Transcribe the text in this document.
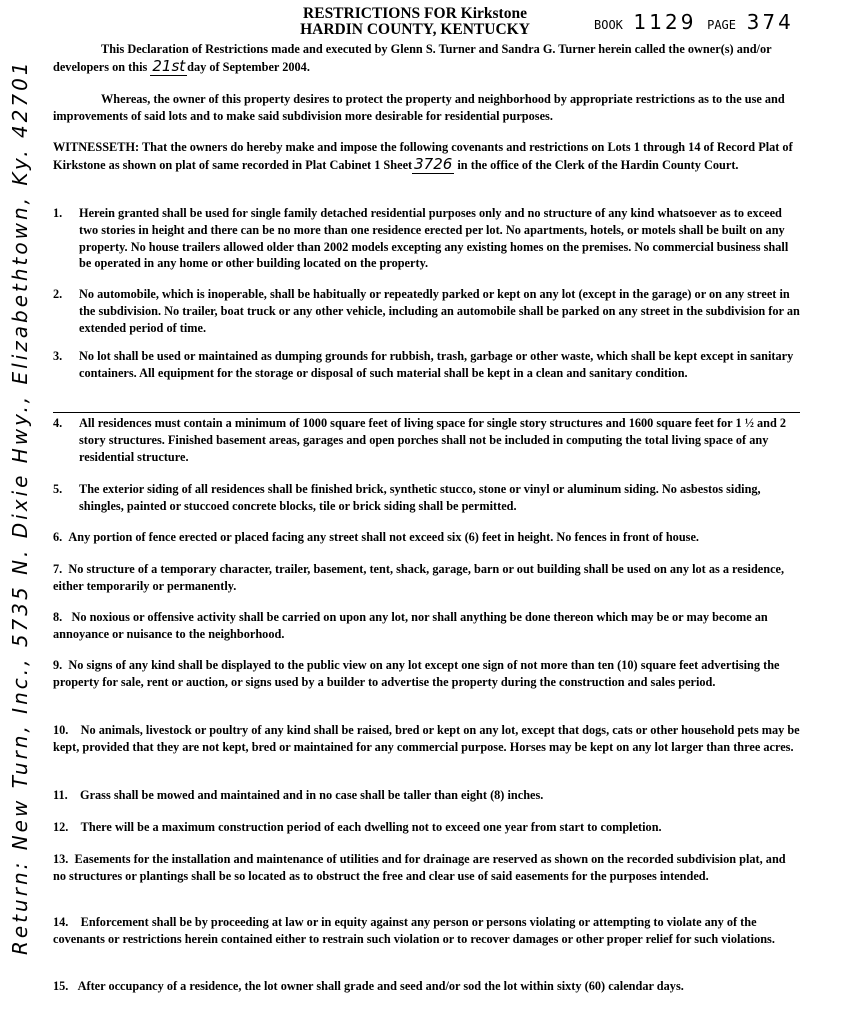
RESTRICTIONS FOR Kirkstone
HARDIN COUNTY, KENTUCKY	BOOK 1129 PAGE 374
Return: New Turn, Inc., 5735 N. Dixie Hwy., Elizabethtown, Ky. 42701
This Declaration of Restrictions made and executed by Glenn S. Turner and Sandra G. Turner herein called the owner(s) and/or developers on this 21st day of September 2004.
Whereas, the owner of this property desires to protect the property and neighborhood by appropriate restrictions as to the use and improvements of said lots and to make said subdivision more desirable for residential purposes.
WITNESSETH: That the owners do hereby make and impose the following covenants and restrictions on Lots 1 through 14 of Record Plat of Kirkstone as shown on plat of same recorded in Plat Cabinet 1 Sheet 3726 in the office of the Clerk of the Hardin County Court.
1. Herein granted shall be used for single family detached residential purposes only and no structure of any kind whatsoever as to exceed two stories in height and there can be no more than one residence erected per lot. No apartments, hotels, or motels shall be built on any property. No house trailers allowed older than 2002 models excepting any existing homes on the premises. No commercial business shall be operated in any home or other building located on the property.
2. No automobile, which is inoperable, shall be habitually or repeatedly parked or kept on any lot (except in the garage) or on any street in the subdivision. No trailer, boat truck or any other vehicle, including an automobile shall be parked on any street in the subdivision for an extended period of time.
3. No lot shall be used or maintained as dumping grounds for rubbish, trash, garbage or other waste, which shall be kept except in sanitary containers. All equipment for the storage or disposal of such material shall be kept in a clean and sanitary condition.
4. All residences must contain a minimum of 1000 square feet of living space for single story structures and 1600 square feet for 1 ½ and 2 story structures. Finished basement areas, garages and open porches shall not be included in computing the total living space of any residential structure.
5. The exterior siding of all residences shall be finished brick, synthetic stucco, stone or vinyl or aluminum siding. No asbestos siding, shingles, painted or stuccoed concrete blocks, tile or brick siding shall be permitted.
6. Any portion of fence erected or placed facing any street shall not exceed six (6) feet in height. No fences in front of house.
7. No structure of a temporary character, trailer, basement, tent, shack, garage, barn or out building shall be used on any lot as a residence, either temporarily or permanently.
8. No noxious or offensive activity shall be carried on upon any lot, nor shall anything be done thereon which may be or may become an annoyance or nuisance to the neighborhood.
9. No signs of any kind shall be displayed to the public view on any lot except one sign of not more than ten (10) square feet advertising the property for sale, rent or auction, or signs used by a builder to advertise the property during the construction and sales period.
10. No animals, livestock or poultry of any kind shall be raised, bred or kept on any lot, except that dogs, cats or other household pets may be kept, provided that they are not kept, bred or maintained for any commercial purpose. Horses may be kept on any lot larger than three acres.
11. Grass shall be mowed and maintained and in no case shall be taller than eight (8) inches.
12. There will be a maximum construction period of each dwelling not to exceed one year from start to completion.
13. Easements for the installation and maintenance of utilities and for drainage are reserved as shown on the recorded subdivision plat, and no structures or plantings shall be so located as to obstruct the free and clear use of said easements for the purposes intended.
14. Enforcement shall be by proceeding at law or in equity against any person or persons violating or attempting to violate any of the covenants or restrictions herein contained either to restrain such violation or to recover damages or other proper relief for such violations.
15. After occupancy of a residence, the lot owner shall grade and seed and/or sod the lot within sixty (60) calendar days.
